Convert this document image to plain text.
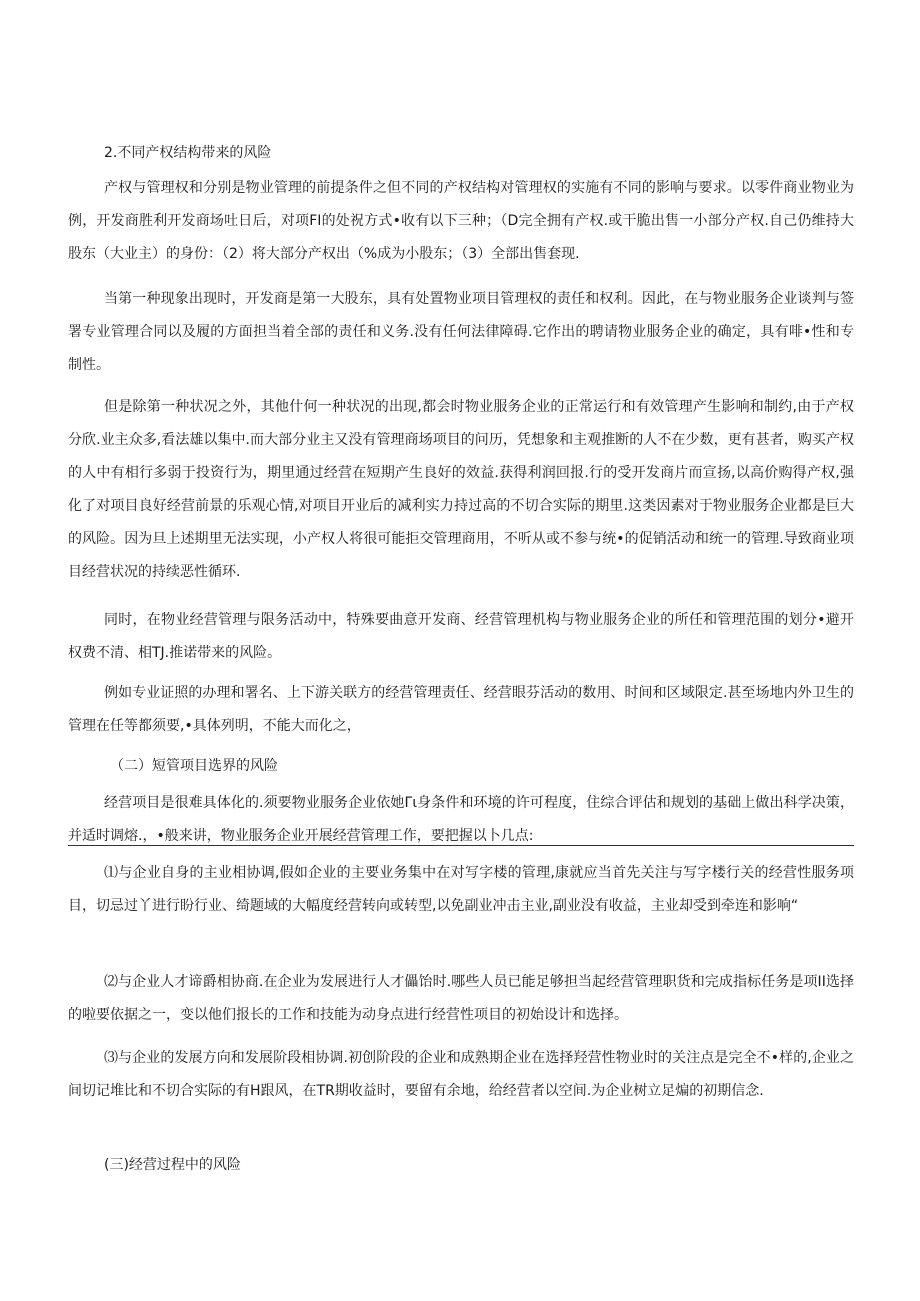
2.不同产权结构带来的风险

产权与管理权和分别是物业管理的前提条件之但不同的产权结构对管理权的实施有不同的影响与要求。以零件商业物业为例，开发商胜利开发商场吐日后，对项FI的处祝方式•收有以下三种；（D完全拥有产权.或干脆出售一小部分产权.自己仍维持大股东（大业主）的身份：（2）将大部分产权出（%成为小股东；（3）全部出售套现.

当第一种现象出现时，开发商是第一大股东，具有处置物业项目管理权的责任和权利。因此，在与物业服务企业谈判与签署专业管理合同以及履的方面担当着全部的责任和义务.没有任何法律障碍.它作出的聘请物业服务企业的确定，具有啡•性和专制性。

但是除第一种状况之外，其他什何一种状况的出现,都会时物业服务企业的正常运行和有效管理产生影响和制约,由于产权分欣.业主众多,看法雄以集中.而大部分业主又没有管理商场项目的问历，凭想象和主观推断的人不在少数，更有甚者，购买产权的人中有相行多弱于投资行为，期里通过经营在短期产生良好的效益.获得利润回报.行的受开发商片而宣扬,以高价购得产权,强化了对项目良好经营前景的乐观心情,对项目开业后的减利实力持过高的不切合实际的期里.这类因素对于物业服务企业都是巨大的风险。因为旦上述期里无法实现，小产权人将很可能拒交管理商用，不听从或不参与统•的促销活动和统一的管理.导致商业项目经营状况的持续恶性循环.

同时，在物业经营管理与限务活动中，特殊要曲意开发商、经营管理机构与物业服务企业的所任和管理范围的划分•避开权费不清、相TJ.推诺带来的风险。

例如专业证照的办理和署名、上下游关联方的经营管理责任、经营眼芬活动的数用、时间和区域限定.甚至场地内外卫生的管理在任等都须要,•具体列明，不能大而化之，

（二）短管项目选界的风险

经营项目是很难具体化的.须要物业服务企业依她Γι身条件和环境的许可程度，住综合评估和规划的基础上做出科学决策，并适时调熔.，•般来讲，物业服务企业开展经营管理工作，要把握以卜几点:

⑴与企业自身的主业相协调,假如企业的主要业务集中在对写字楼的管理,康就应当首先关注与写字楼行关的经营性服务项目，切忌过丫进行盼行业、绮题域的大幅度经营转向或转型,以免副业冲击主业,副业没有收益，主业却受到牵连和影响“

⑵与企业人才谛爵相协商.在企业为发展进行人才儡饴时.哪些人员已能足够担当起经营管理职货和完成指标任务是项II选择的啦要依据之一，变以他们报长的工作和技能为动身点进行经营性项目的初始设计和选择。

⑶与企业的发展方向和发展阶段相协调.初创阶段的企业和成熟期企业在选择羟营性物业时的关注点是完全不•样的,企业之间切记堆比和不切合实际的有H跟风，在TR期收益时，要留有余地，给经营者以空间.为企业树立足煸的初期信念.

(三)经营过程中的风险
